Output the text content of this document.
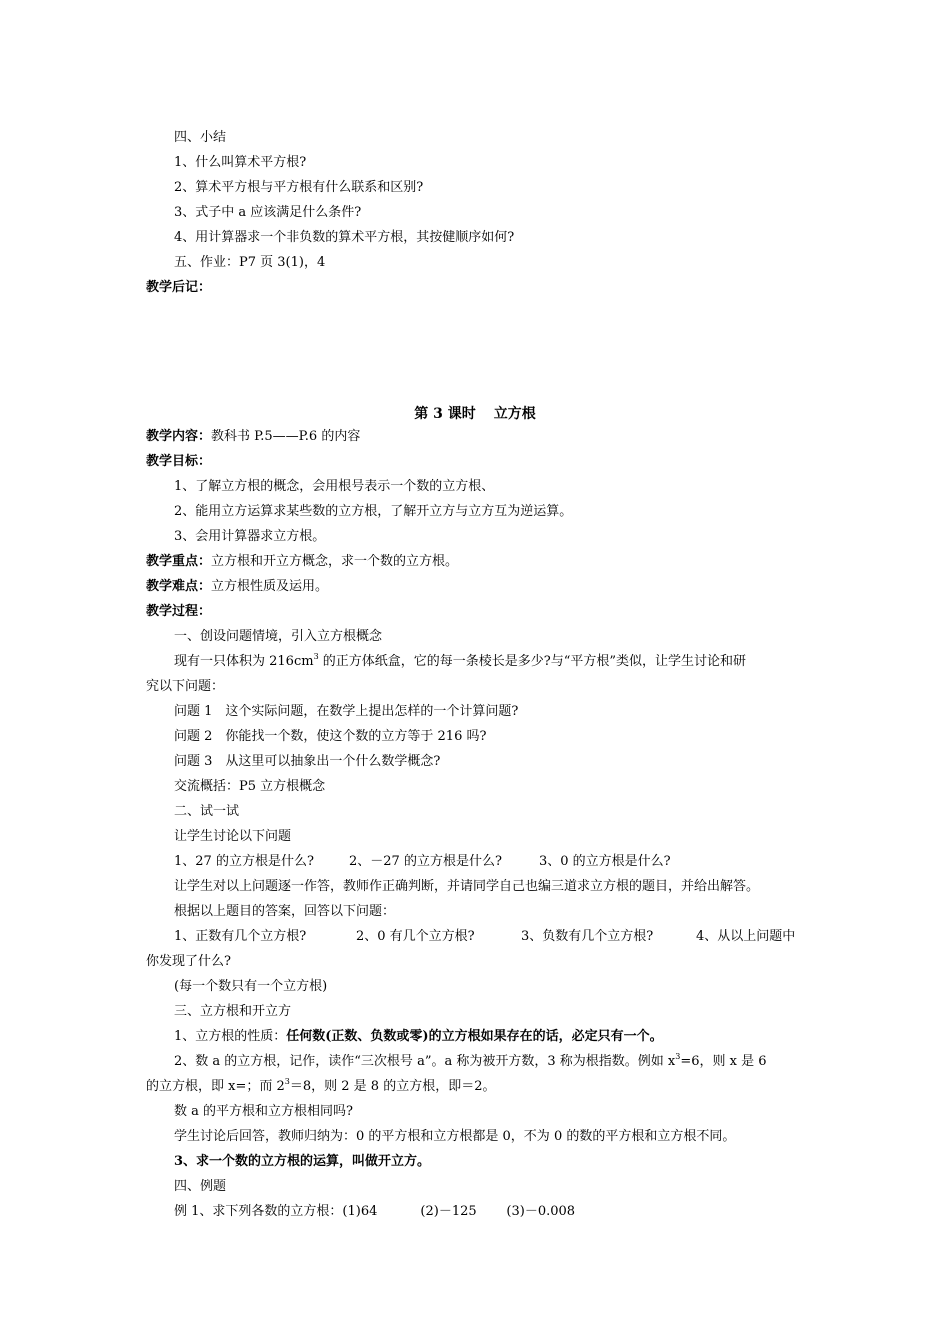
四、小结
1、什么叫算术平方根?
2、算术平方根与平方根有什么联系和区别?
3、式子中 a 应该满足什么条件?
4、用计算器求一个非负数的算术平方根，其按健顺序如何?
五、作业：P7 页 3(1)，4
教学后记：
第 3 课时 立方根
教学内容：教科书 P.5——P.6 的内容
教学目标：
1、了解立方根的概念，会用根号表示一个数的立方根、
2、能用立方运算求某些数的立方根，了解开立方与立方互为逆运算。
3、会用计算器求立方根。
教学重点：立方根和开立方概念，求一个数的立方根。
教学难点：立方根性质及运用。
教学过程：
一、创设问题情境，引入立方根概念
现有一只体积为 $216cm^3$ 的正方体纸盒，它的每一条棱长是多少?与“平方根”类似，让学生讨论和研
究以下问题：
问题 1　这个实际问题，在数学上提出怎样的一个计算问题?
问题 2　你能找一个数，使这个数的立方等于 216 吗?
问题 3　从这里可以抽象出一个什么数学概念?
交流概括：P5 立方根概念
二、试一试
让学生讨论以下问题
1、27 的立方根是什么?	2、－27 的立方根是什么?	3、0 的立方根是什么?
让学生对以上问题逐一作答，教师作正确判断，并请同学自己也编三道求立方根的题目，并给出解答。
根据以上题目的答案，回答以下问题：
1、正数有几个立方根?	2、0 有几个立方根?	3、负数有几个立方根?	4、从以上问题中
你发现了什么?
(每一个数只有一个立方根)
三、立方根和开立方
1、立方根的性质：任何数(正数、负数或零)的立方根如果存在的话，必定只有一个。
2、数 a 的立方根，记作，读作“三次根号 a”。a 称为被开方数，3 称为根指数。例如 $x^3=6$，则 x 是 6
的立方根，即 x=；而 $2^3=8$，则 2 是 8 的立方根，即＝2。
数 a 的平方根和立方根相同吗?
学生讨论后回答，教师归纳为：0 的平方根和立方根都是 0，不为 0 的数的平方根和立方根不同。
3、求一个数的立方根的运算，叫做开立方。
四、例题
例 1、求下列各数的立方根：(1)64	(2)－125 (3)－0.008
